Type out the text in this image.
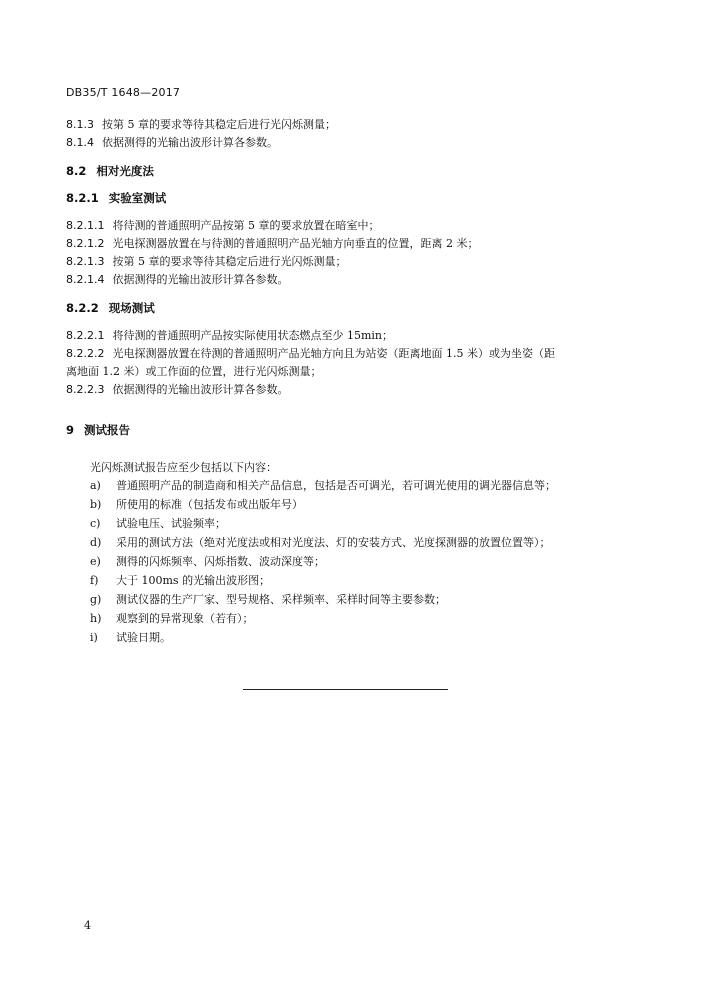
DB35/T 1648—2017
8.1.3 按第 5 章的要求等待其稳定后进行光闪烁测量；
8.1.4 依据测得的光输出波形计算各参数。
8.2 相对光度法
8.2.1 实验室测试
8.2.1.1 将待测的普通照明产品按第 5 章的要求放置在暗室中；
8.2.1.2 光电探测器放置在与待测的普通照明产品光轴方向垂直的位置，距离 2 米；
8.2.1.3 按第 5 章的要求等待其稳定后进行光闪烁测量；
8.2.1.4 依据测得的光输出波形计算各参数。
8.2.2 现场测试
8.2.2.1 将待测的普通照明产品按实际使用状态燃点至少 15min；
8.2.2.2 光电探测器放置在待测的普通照明产品光轴方向且为站姿（距离地面 1.5 米）或为坐姿（距
离地面 1.2 米）或工作面的位置，进行光闪烁测量；
8.2.2.3 依据测得的光输出波形计算各参数。
9 测试报告
光闪烁测试报告应至少包括以下内容：
a) 普通照明产品的制造商和相关产品信息，包括是否可调光，若可调光使用的调光器信息等；
b) 所使用的标准（包括发布或出版年号）
c) 试验电压、试验频率；
d) 采用的测试方法（绝对光度法或相对光度法、灯的安装方式、光度探测器的放置位置等）；
e) 测得的闪烁频率、闪烁指数、波动深度等；
f) 大于 100ms 的光输出波形图；
g) 测试仪器的生产厂家、型号规格、采样频率、采样时间等主要参数；
h) 观察到的异常现象（若有）；
i) 试验日期。
4
